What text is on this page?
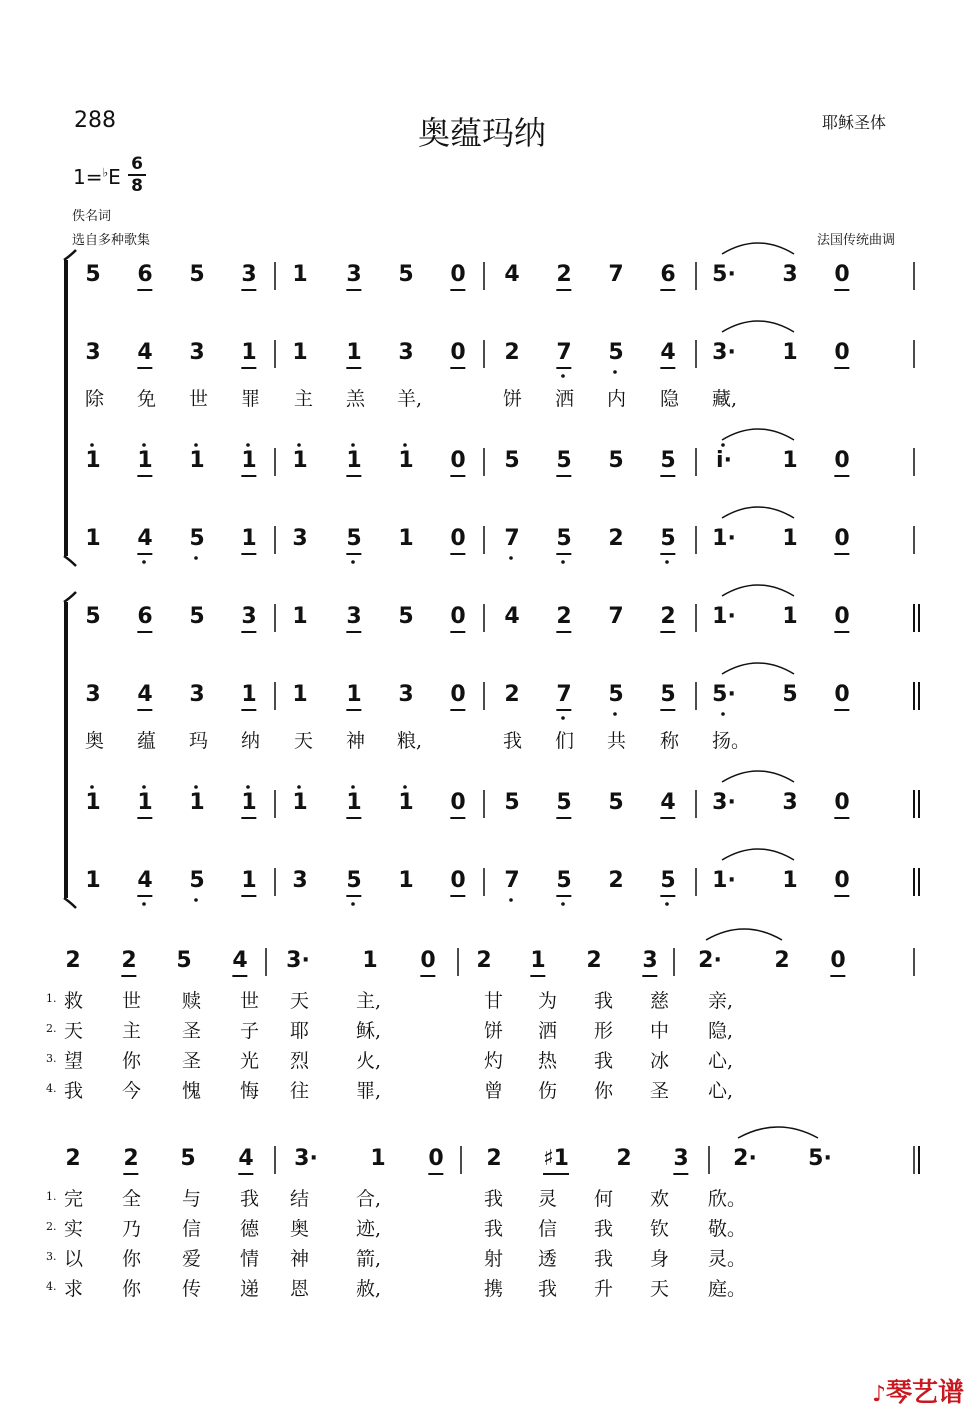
288	奥蕴玛纳	耶稣圣体
1=♭E
6
8
佚名词
选自多种歌集	法国传统曲调
5 6 5 3 1 3 5 0 4 2 7 6 5· 3 0
3 4 3 1 1 1 3 0 2 7 5 4 3· 1 0
除 免 世 罪 主 羔 羊,	饼 洒 内 隐 藏,
1 1 1 1 1 1 1 0 5 5 5 5 i· 1 0
1 4 5 1 3 5 1 0 7 5 2 5 1· 1 0
5 6 5 3 1 3 5 0 4 2 7 2 1· 1 0
3 4 3 1 1 1 3 0 2 7 5 5 5· 5 0
奥 蕴 玛 纳 天 神 粮,	我 们 共 称 扬。
1 1 1 1 1 1 1 0 5 5 5 4 3· 3 0
1 4 5 1 3 5 1 0 7 5 2 5 1· 1 0
2 2 5 4 3· 1 0 2 1 2 3 2· 2 0
1. 救 世 赎 世 天 主,	甘 为 我 慈 亲,
2. 天 主 圣 子 耶 稣,	饼 洒 形 中 隐,
3. 望 你 圣 光 烈 火,	灼 热 我 冰 心,
4. 我 今 愧 悔 往 罪,	曾 伤 你 圣 心,
2 2 5 4 3· 1 0 2 ♯1 2 3 2· 5·
1. 完 全 与 我 结 合,	我 灵 何 欢 欣。
2. 实 乃 信 德 奥 迹,	我 信 我 钦 敬。
3. 以 你 爱 情 神 箭,	射 透 我 身 灵。
4. 求 你 传 递 恩 赦,	携 我 升 天 庭。
♪琴艺谱
